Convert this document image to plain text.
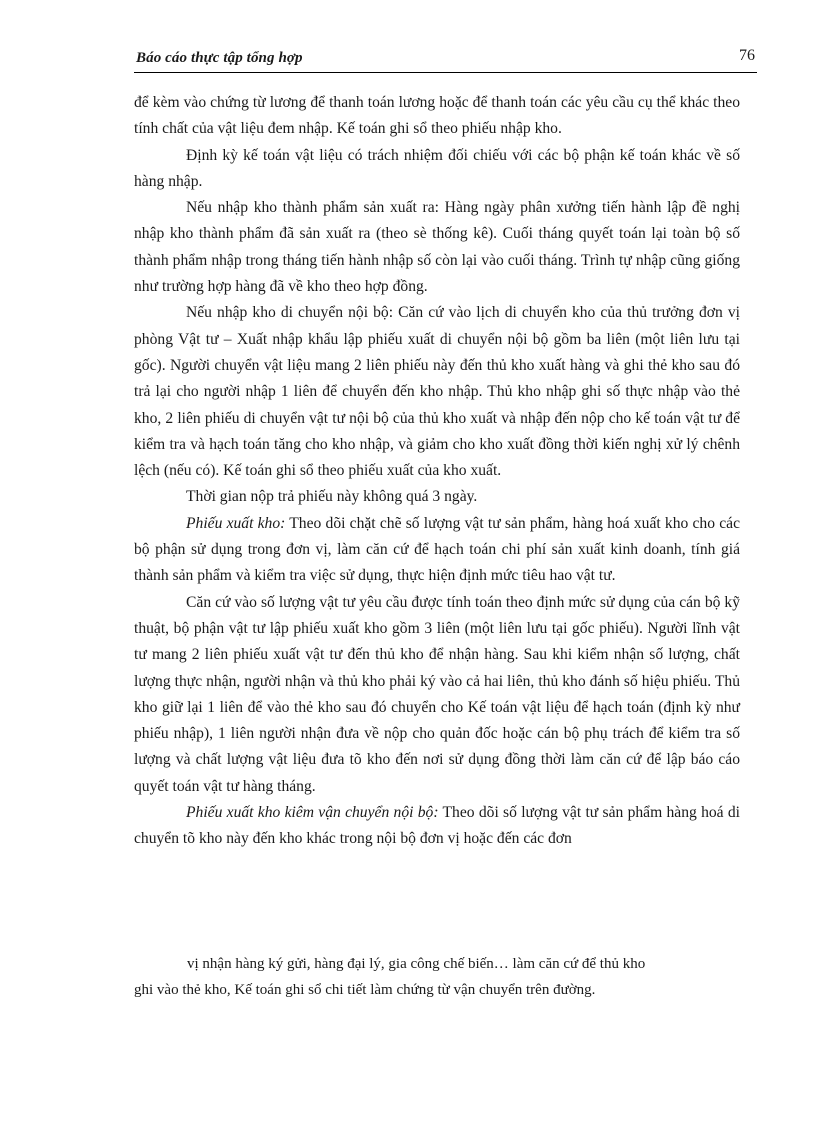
Báo cáo thực tập tổng hợp	76

để kèm vào chứng từ lương để thanh toán lương hoặc để thanh toán các yêu cầu cụ thể khác theo tính chất của vật liệu đem nhập. Kế toán ghi sổ theo phiếu nhập kho.

Định kỳ kế toán vật liệu có trách nhiệm đối chiếu với các bộ phận kế toán khác về số hàng nhập.

Nếu nhập kho thành phẩm sản xuất ra: Hàng ngày phân xưởng tiến hành lập đề nghị nhập kho thành phẩm đã sản xuất ra (theo sè thống kê). Cuối tháng quyết toán lại toàn bộ số thành phẩm nhập trong tháng tiến hành nhập số còn lại vào cuối tháng. Trình tự nhập cũng giống như trường hợp hàng đã về kho theo hợp đồng.

Nếu nhập kho di chuyển nội bộ: Căn cứ vào lịch di chuyển kho của thủ trưởng đơn vị phòng Vật tư – Xuất nhập khẩu lập phiếu xuất di chuyển nội bộ gồm ba liên (một liên lưu tại gốc). Người chuyển vật liệu mang 2 liên phiếu này đến thủ kho xuất hàng và ghi thẻ kho sau đó trả lại cho người nhập 1 liên để chuyển đến kho nhập. Thủ kho nhập ghi số thực nhập vào thẻ kho, 2 liên phiếu di chuyển vật tư nội bộ của thủ kho xuất và nhập đến nộp cho kế toán vật tư để kiểm tra và hạch toán tăng cho kho nhập, và giảm cho kho xuất đồng thời kiến nghị xử lý chênh lệch (nếu có). Kế toán ghi sổ theo phiếu xuất của kho xuất.

Thời gian nộp trả phiếu này không quá 3 ngày.

Phiếu xuất kho: Theo dõi chặt chẽ số lượng vật tư sản phẩm, hàng hoá xuất kho cho các bộ phận sử dụng trong đơn vị, làm căn cứ để hạch toán chi phí sản xuất kinh doanh, tính giá thành sản phẩm và kiểm tra việc sử dụng, thực hiện định mức tiêu hao vật tư.

Căn cứ vào số lượng vật tư yêu cầu được tính toán theo định mức sử dụng của cán bộ kỹ thuật, bộ phận vật tư lập phiếu xuất kho gồm 3 liên (một liên lưu tại gốc phiếu). Người lĩnh vật tư mang 2 liên phiếu xuất vật tư đến thủ kho để nhận hàng. Sau khi kiểm nhận số lượng, chất lượng thực nhận, người nhận và thủ kho phải ký vào cả hai liên, thủ kho đánh số hiệu phiếu. Thủ kho giữ lại 1 liên để vào thẻ kho sau đó chuyển cho Kế toán vật liệu để hạch toán (định kỳ như phiếu nhập), 1 liên người nhận đưa về nộp cho quản đốc hoặc cán bộ phụ trách để kiểm tra số lượng và chất lượng vật liệu đưa tõ kho đến nơi sử dụng đồng thời làm căn cứ để lập báo cáo quyết toán vật tư hàng tháng.

Phiếu xuất kho kiêm vận chuyển nội bộ: Theo dõi số lượng vật tư sản phẩm hàng hoá di chuyển tõ kho này đến kho khác trong nội bộ đơn vị hoặc đến các đơn

vị nhận hàng ký gửi, hàng đại lý, gia công chế biến… làm căn cứ để thủ kho
ghi vào thẻ kho, Kế toán ghi sổ chi tiết làm chứng từ vận chuyển trên đường.
